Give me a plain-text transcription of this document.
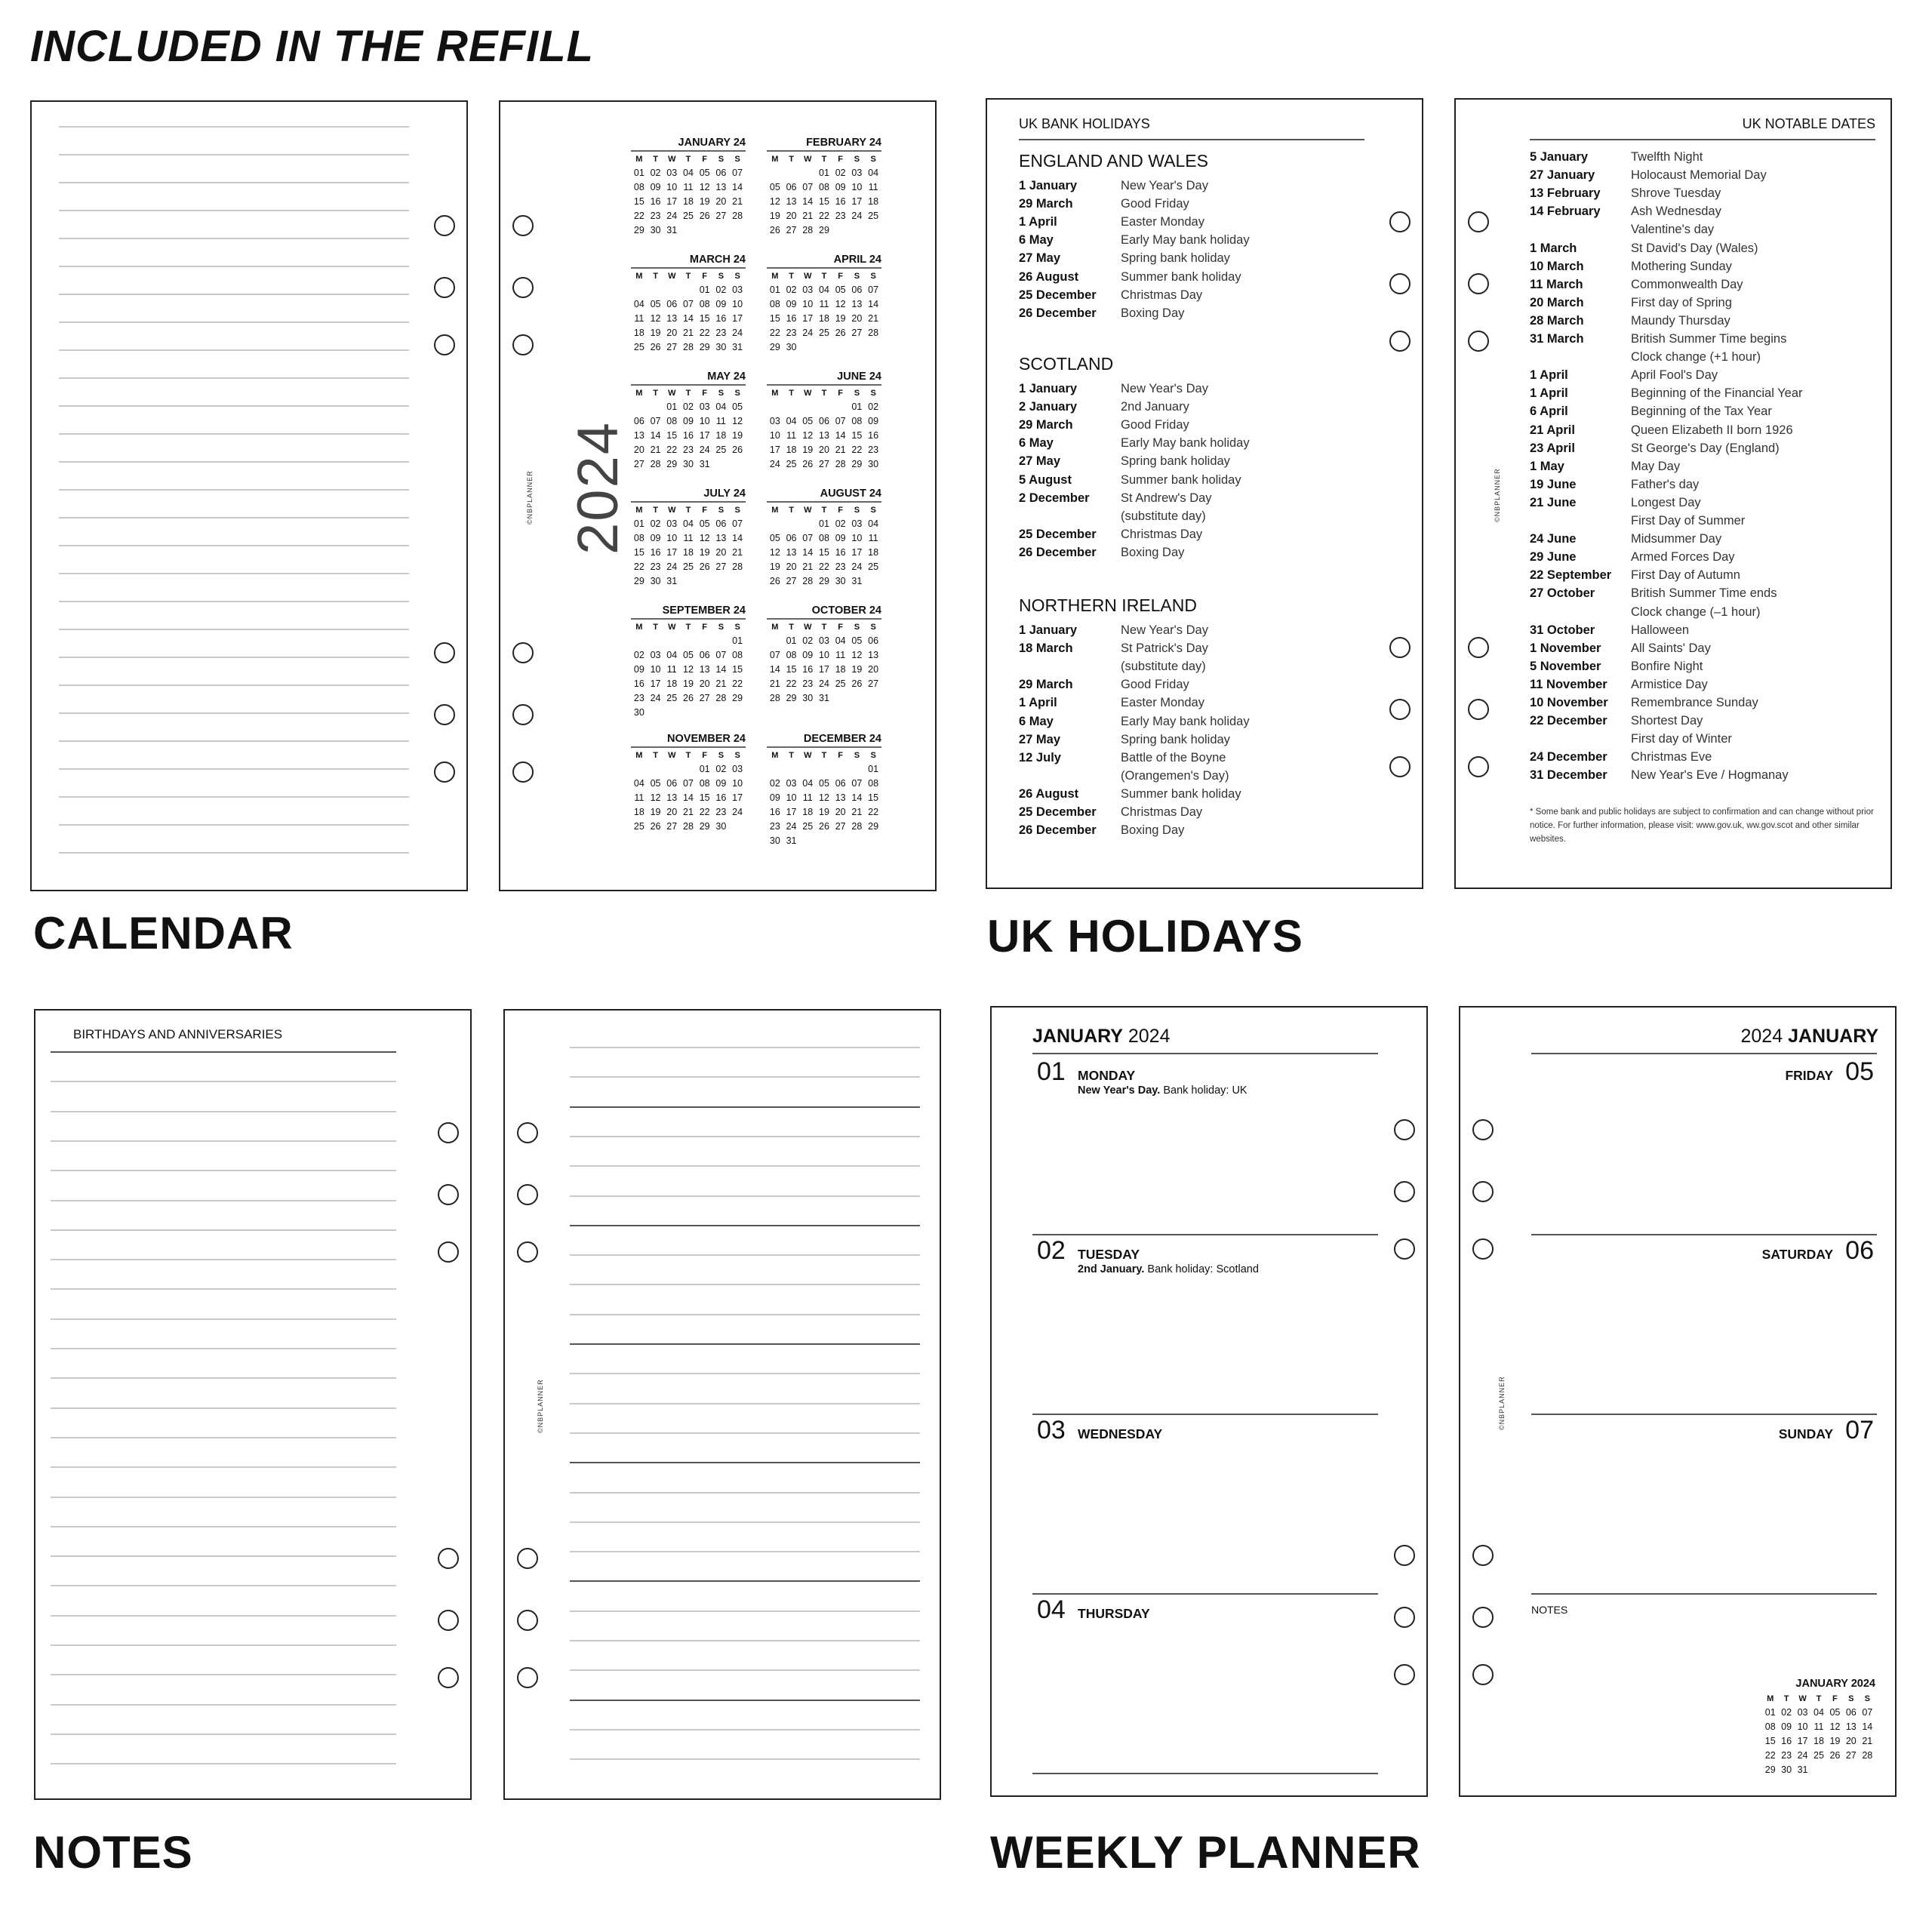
INCLUDED IN THE REFILL
2024
©NBPLANNER
JANUARY 24
M	T	W	T	F	S	S
01	02	03	04	05	06	07
08	09	10	11	12	13	14
15	16	17	18	19	20	21
22	23	24	25	26	27	28
29	30	31				
FEBRUARY 24
M	T	W	T	F	S	S
			01	02	03	04
05	06	07	08	09	10	11
12	13	14	15	16	17	18
19	20	21	22	23	24	25
26	27	28	29			
MARCH 24
M	T	W	T	F	S	S
				01	02	03
04	05	06	07	08	09	10
11	12	13	14	15	16	17
18	19	20	21	22	23	24
25	26	27	28	29	30	31
APRIL 24
M	T	W	T	F	S	S
01	02	03	04	05	06	07
08	09	10	11	12	13	14
15	16	17	18	19	20	21
22	23	24	25	26	27	28
29	30					
MAY 24
M	T	W	T	F	S	S
		01	02	03	04	05
06	07	08	09	10	11	12
13	14	15	16	17	18	19
20	21	22	23	24	25	26
27	28	29	30	31		
JUNE 24
M	T	W	T	F	S	S
					01	02
03	04	05	06	07	08	09
10	11	12	13	14	15	16
17	18	19	20	21	22	23
24	25	26	27	28	29	30
JULY 24
M	T	W	T	F	S	S
01	02	03	04	05	06	07
08	09	10	11	12	13	14
15	16	17	18	19	20	21
22	23	24	25	26	27	28
29	30	31				
AUGUST 24
M	T	W	T	F	S	S
			01	02	03	04
05	06	07	08	09	10	11
12	13	14	15	16	17	18
19	20	21	22	23	24	25
26	27	28	29	30	31	
SEPTEMBER 24
M	T	W	T	F	S	S
						01
02	03	04	05	06	07	08
09	10	11	12	13	14	15
16	17	18	19	20	21	22
23	24	25	26	27	28	29
30						
OCTOBER 24
M	T	W	T	F	S	S
	01	02	03	04	05	06
07	08	09	10	11	12	13
14	15	16	17	18	19	20
21	22	23	24	25	26	27
28	29	30	31			
NOVEMBER 24
M	T	W	T	F	S	S
				01	02	03
04	05	06	07	08	09	10
11	12	13	14	15	16	17
18	19	20	21	22	23	24
25	26	27	28	29	30	
DECEMBER 24
M	T	W	T	F	S	S
						01
02	03	04	05	06	07	08
09	10	11	12	13	14	15
16	17	18	19	20	21	22
23	24	25	26	27	28	29
30	31					
CALENDAR
UK BANK HOLIDAYS
ENGLAND AND WALES
1 January	New Year's Day
29 March	Good Friday
1 April	Easter Monday
6 May	Early May bank holiday
27 May	Spring bank holiday
26 August	Summer bank holiday
25 December Christmas Day
26 December Boxing Day
SCOTLAND
1 January	New Year's Day
2 January	2nd January
29 March	Good Friday
6 May	Early May bank holiday
27 May	Spring bank holiday
5 August	Summer bank holiday
2 December	St Andrew's Day
(substitute day)
25 December Christmas Day
26 December Boxing Day
NORTHERN IRELAND
1 January	New Year's Day
18 March	St Patrick's Day
(substitute day)
29 March	Good Friday
1 April	Easter Monday
6 May	Early May bank holiday
27 May	Spring bank holiday
12 July	Battle of the Boyne
(Orangemen's Day)
26 August	Summer bank holiday
25 December Christmas Day
26 December Boxing Day
UK NOTABLE DATES
©NBPLANNER
* Some bank and public holidays are subject to confirmation and can change without prior notice. For further information, please visit: www.gov.uk, ww.gov.scot and other similar websites.
5 January	Twelfth Night
27 January	Holocaust Memorial Day
13 February Shrove Tuesday
14 February Ash Wednesday
Valentine's day
1 March	St David's Day (Wales)
10 March	Mothering Sunday
11 March	Commonwealth Day
20 March	First day of Spring
28 March	Maundy Thursday
31 March	British Summer Time begins
Clock change (+1 hour)
1 April	April Fool's Day
1 April	Beginning of the Financial Year
6 April	Beginning of the Tax Year
21 April	Queen Elizabeth II born 1926
23 April	St George's Day (England)
1 May	May Day
19 June	Father's day
21 June	Longest Day
First Day of Summer
24 June	Midsummer Day
29 June	Armed Forces Day
22 September First Day of Autumn
27 October	British Summer Time ends
Clock change (–1 hour)
31 October	Halloween
1 November All Saints' Day
5 November Bonfire Night
11 November Armistice Day
10 November Remembrance Sunday
22 December Shortest Day
First day of Winter
24 December Christmas Eve
31 December New Year's Eve / Hogmanay
UK HOLIDAYS
BIRTHDAYS AND ANNIVERSARIES
©NBPLANNER
NOTES
JANUARY 2024
01 MONDAY
New Year's Day. Bank holiday: UK
02 TUESDAY
2nd January. Bank holiday: Scotland
03 WEDNESDAY
04 THURSDAY
2024 JANUARY
©NBPLANNER
NOTES
05
FRIDAY
06
SATURDAY
07
SUNDAY
JANUARY 2024
M	T	W	T	F	S	S
01	02	03	04	05	06	07
08	09	10	11	12	13	14
15	16	17	18	19	20	21
22	23	24	25	26	27	28
29	30	31				
WEEKLY PLANNER
